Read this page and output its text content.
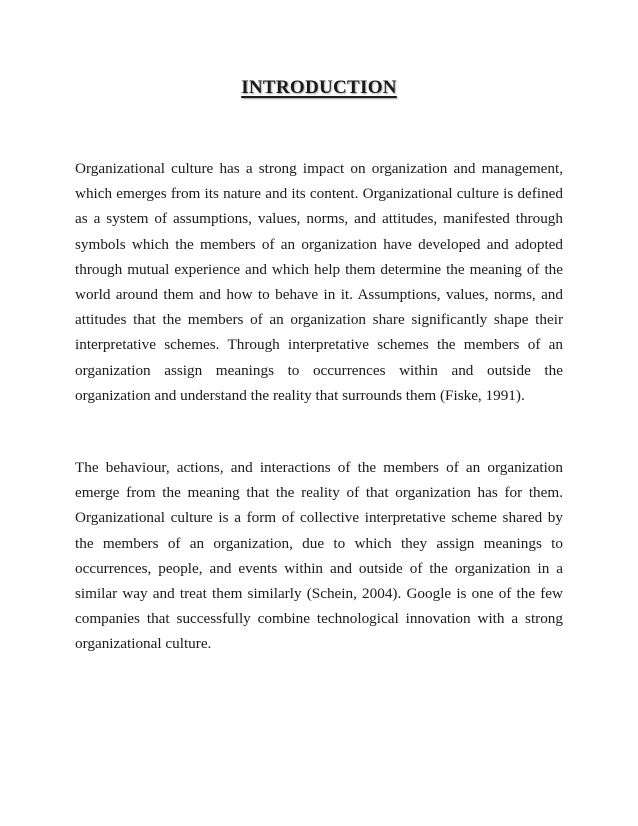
INTRODUCTION

Organizational culture has a strong impact on organization and management, which emerges from its nature and its content. Organizational culture is defined as a system of assumptions, values, norms, and attitudes, manifested through symbols which the members of an organization have developed and adopted through mutual experience and which help them determine the meaning of the world around them and how to behave in it. Assumptions, values, norms, and attitudes that the members of an organization share significantly shape their interpretative schemes. Through interpretative schemes the members of an organization assign meanings to occurrences within and outside the organization and understand the reality that surrounds them (Fiske, 1991).

The behaviour, actions, and interactions of the members of an organization emerge from the meaning that the reality of that organization has for them. Organizational culture is a form of collective interpretative scheme shared by the members of an organization, due to which they assign meanings to occurrences, people, and events within and outside of the organization in a similar way and treat them similarly (Schein, 2004). Google is one of the few companies that successfully combine technological innovation with a strong organizational culture.
